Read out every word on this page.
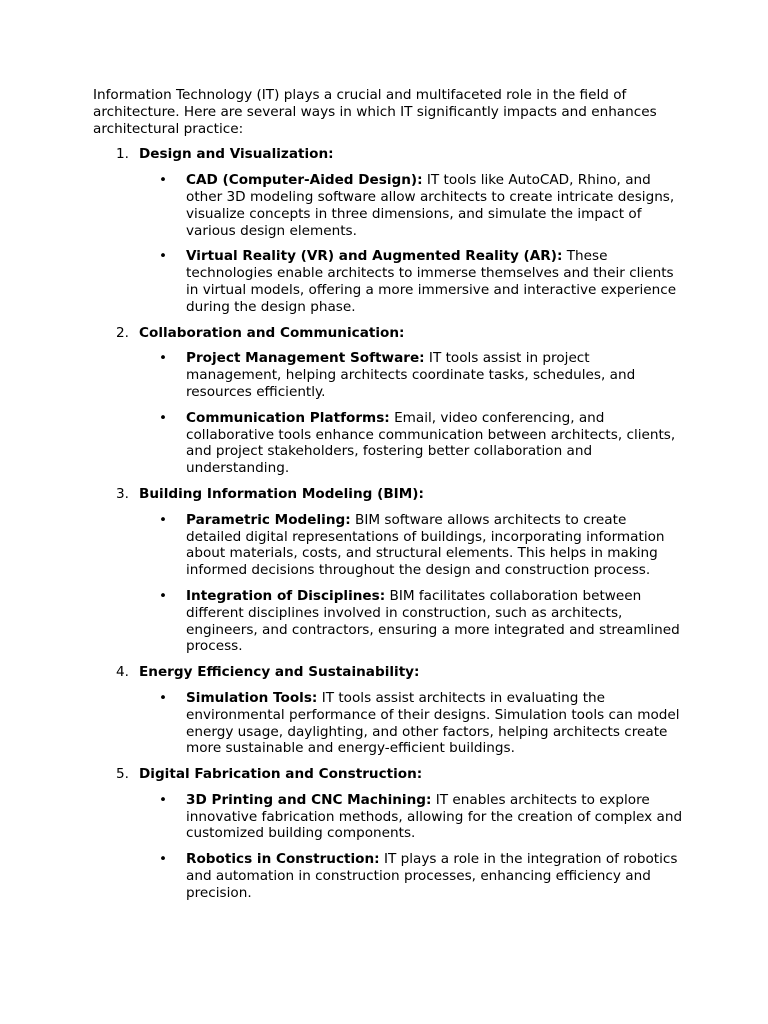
Information Technology (IT) plays a crucial and multifaceted role in the field of architecture. Here are several ways in which IT significantly impacts and enhances architectural practice:

1. Design and Visualization:
• CAD (Computer-Aided Design): IT tools like AutoCAD, Rhino, and other 3D modeling software allow architects to create intricate designs, visualize concepts in three dimensions, and simulate the impact of various design elements.
• Virtual Reality (VR) and Augmented Reality (AR): These technologies enable architects to immerse themselves and their clients in virtual models, offering a more immersive and interactive experience during the design phase.
2. Collaboration and Communication:
• Project Management Software: IT tools assist in project management, helping architects coordinate tasks, schedules, and resources efficiently.
• Communication Platforms: Email, video conferencing, and collaborative tools enhance communication between architects, clients, and project stakeholders, fostering better collaboration and understanding.
3. Building Information Modeling (BIM):
• Parametric Modeling: BIM software allows architects to create detailed digital representations of buildings, incorporating information about materials, costs, and structural elements. This helps in making informed decisions throughout the design and construction process.
• Integration of Disciplines: BIM facilitates collaboration between different disciplines involved in construction, such as architects, engineers, and contractors, ensuring a more integrated and streamlined process.
4. Energy Efficiency and Sustainability:
• Simulation Tools: IT tools assist architects in evaluating the environmental performance of their designs. Simulation tools can model energy usage, daylighting, and other factors, helping architects create more sustainable and energy-efficient buildings.
5. Digital Fabrication and Construction:
• 3D Printing and CNC Machining: IT enables architects to explore innovative fabrication methods, allowing for the creation of complex and customized building components.
• Robotics in Construction: IT plays a role in the integration of robotics and automation in construction processes, enhancing efficiency and precision.
